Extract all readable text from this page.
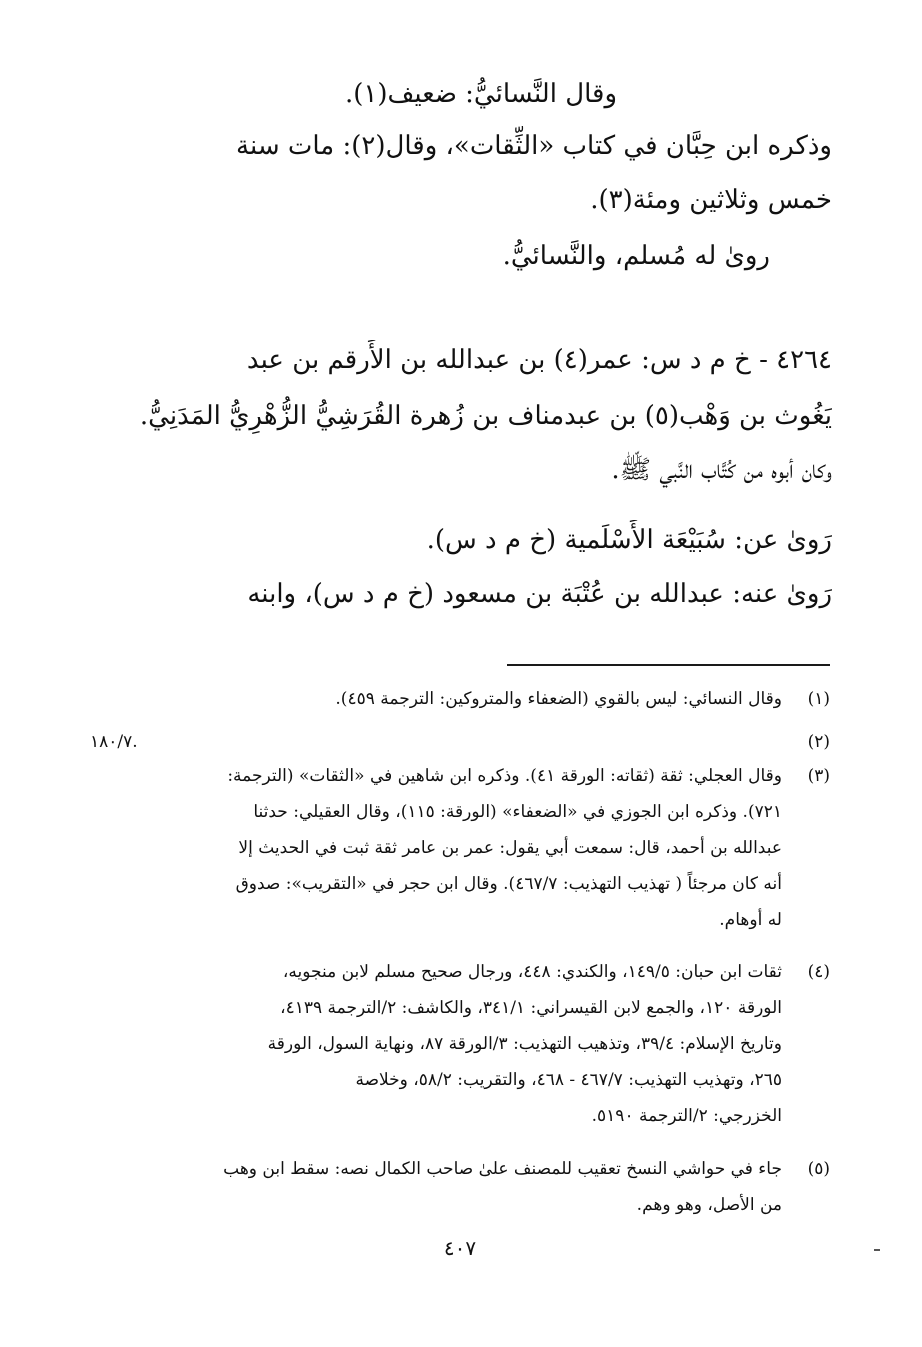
وقال النَّسائيُّ: ضعيف(١).
وذكره ابن حِبَّان في كتاب «الثِّقات»، وقال(٢): مات سنة
خمس وثلاثين ومئة(٣).
روىٰ له مُسلم، والنَّسائيُّ.
٤٢٦٤ - خ م د س: عمر(٤) بن عبدالله بن الأَرقم بن عبد
يَغُوث بن وَهْب(٥) بن عبدمناف بن زُهرة القُرَشِيُّ الزُّهْرِيُّ المَدَنِيُّ.
وكان أبوه من كُتَّاب النَّبي ﷺ.
رَوىٰ عن: سُبَيْعَة الأَسْلَمية (خ م د س).
رَوىٰ عنه: عبدالله بن عُتْبَة بن مسعود (خ م د س)، وابنه
(١)
وقال النسائي: ليس بالقوي (الضعفاء والمتروكين: الترجمة ٤٥٩).
(٢)
١٨٠/٧.
(٣)
وقال العجلي: ثقة (ثقاته: الورقة ٤١). وذكره ابن شاهين في «الثقات» (الترجمة:
٧٢١). وذكره ابن الجوزي في «الضعفاء» (الورقة: ١١٥)، وقال العقيلي: حدثنا
عبدالله بن أحمد، قال: سمعت أبي يقول: عمر بن عامر ثقة ثبت في الحديث إلا
أنه كان مرجئاً ( تهذيب التهذيب: ٤٦٧/٧). وقال ابن حجر في «التقريب»: صدوق
له أوهام.
(٤)
ثقات ابن حبان: ١٤٩/٥، والكندي: ٤٤٨، ورجال صحيح مسلم لابن منجويه،
الورقة ١٢٠، والجمع لابن القيسراني: ٣٤١/١، والكاشف: ٢/الترجمة ٤١٣٩،
وتاريخ الإسلام: ٣٩/٤، وتذهيب التهذيب: ٣/الورقة ٨٧، ونهاية السول، الورقة
٢٦٥، وتهذيب التهذيب: ٤٦٧/٧ - ٤٦٨، والتقريب: ٥٨/٢، وخلاصة
الخزرجي: ٢/الترجمة ٥١٩٠.
(٥)
جاء في حواشي النسخ تعقيب للمصنف علىٰ صاحب الكمال نصه: سقط ابن وهب
من الأصل، وهو وهم.
٤٠٧
